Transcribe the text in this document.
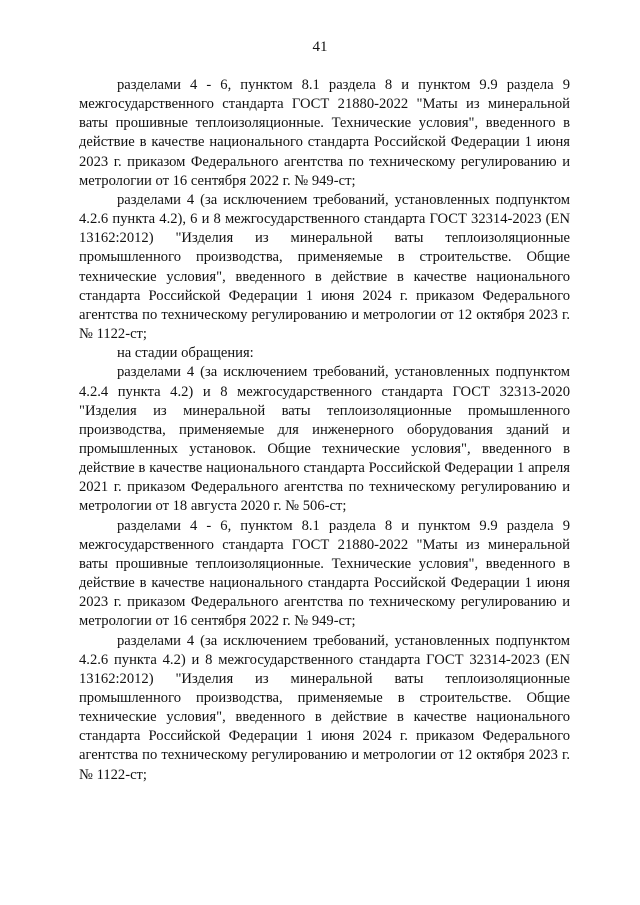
41

разделами 4 - 6, пунктом 8.1 раздела 8 и пунктом 9.9 раздела 9 межгосударственного стандарта ГОСТ 21880-2022 "Маты из минеральной ваты прошивные теплоизоляционные. Технические условия", введенного в действие в качестве национального стандарта Российской Федерации 1 июня 2023 г. приказом Федерального агентства по техническому регулированию и метрологии от 16 сентября 2022 г. № 949-ст;

разделами 4 (за исключением требований, установленных подпунктом 4.2.6 пункта 4.2), 6 и 8 межгосударственного стандарта ГОСТ 32314-2023 (EN 13162:2012) "Изделия из минеральной ваты теплоизоляционные промышленного производства, применяемые в строительстве. Общие технические условия", введенного в действие в качестве национального стандарта Российской Федерации 1 июня 2024 г. приказом Федерального агентства по техническому регулированию и метрологии от 12 октября 2023 г. № 1122-ст;

на стадии обращения:

разделами 4 (за исключением требований, установленных подпунктом 4.2.4 пункта 4.2) и 8 межгосударственного стандарта ГОСТ 32313-2020 "Изделия из минеральной ваты теплоизоляционные промышленного производства, применяемые для инженерного оборудования зданий и промышленных установок. Общие технические условия", введенного в действие в качестве национального стандарта Российской Федерации 1 апреля 2021 г. приказом Федерального агентства по техническому регулированию и метрологии от 18 августа 2020 г. № 506-ст;

разделами 4 - 6, пунктом 8.1 раздела 8 и пунктом 9.9 раздела 9 межгосударственного стандарта ГОСТ 21880-2022 "Маты из минеральной ваты прошивные теплоизоляционные. Технические условия", введенного в действие в качестве национального стандарта Российской Федерации 1 июня 2023 г. приказом Федерального агентства по техническому регулированию и метрологии от 16 сентября 2022 г. № 949-ст;

разделами 4 (за исключением требований, установленных подпунктом 4.2.6 пункта 4.2) и 8 межгосударственного стандарта ГОСТ 32314-2023 (EN 13162:2012) "Изделия из минеральной ваты теплоизоляционные промышленного производства, применяемые в строительстве. Общие технические условия", введенного в действие в качестве национального стандарта Российской Федерации 1 июня 2024 г. приказом Федерального агентства по техническому регулированию и метрологии от 12 октября 2023 г. № 1122-ст;
